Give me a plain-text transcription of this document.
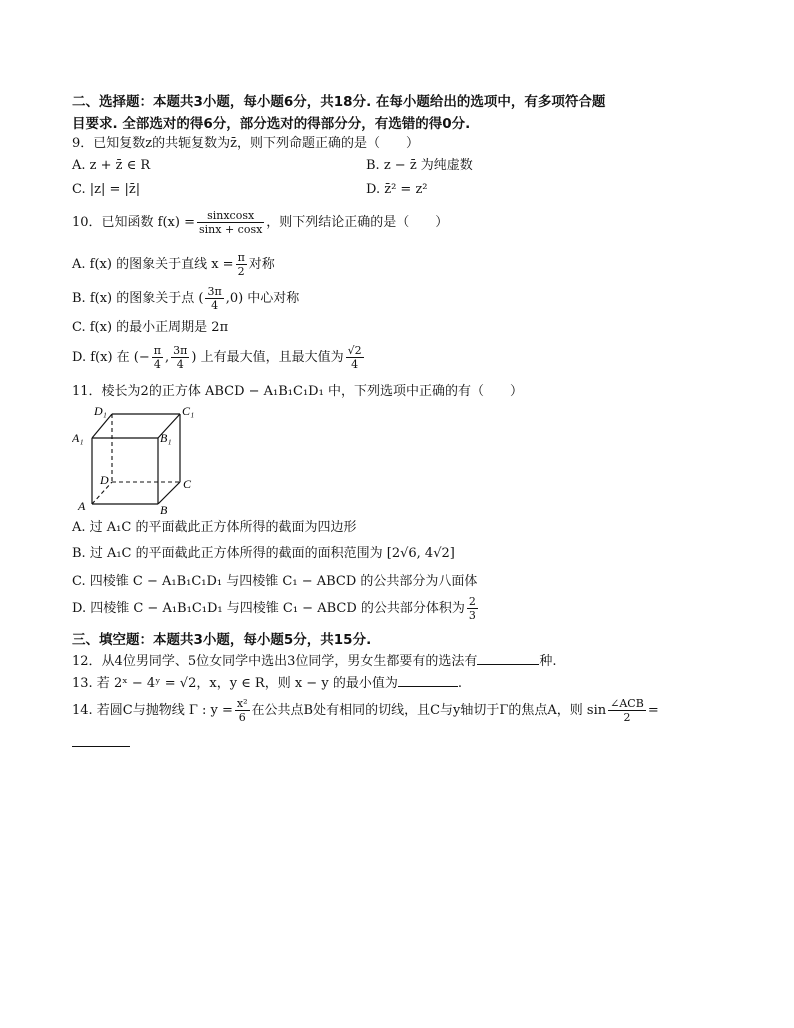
二、选择题：本题共3小题，每小题6分，共18分. 在每小题给出的选项中，有多项符合题
目要求. 全部选对的得6分，部分选对的得部分分，有选错的得0分.
9．已知复数z的共轭复数为z̄，则下列命题正确的是（　　）
A. z + z̄ ∈ R	B. z − z̄ 为纯虚数
C. |z| = |z̄|	D. z̄² = z²
10．已知函数 $f(x) = \frac{\text{sinxcosx}}{\sin x + \cos x}$ ，则下列结论正确的是（　　）
A. f(x) 的图象关于直线 $x = \frac{\pi}{2}$ 对称
B. f(x) 的图象关于点 ( $\frac{3\pi}{4} ,0$) 中心对称
C. f(x) 的最小正周期是 2π
D. f(x) 在 (− $\frac{\pi}{4}$ , $\frac{3\pi}{4}$ ) 上有最大值，且最大值为 $\frac{√2}{4}$
11．棱长为2的正方体 ABCD − A₁B₁C₁D₁ 中，下列选项中正确的有（　　）
D₁	C₁
A₁	B₁
D	C
A	B
A. 过 A₁C 的平面截此正方体所得的截面为四边形
B. 过 A₁C 的平面截此正方体所得的截面的面积范围为 [2√6, 4√2]
C. 四棱锥 C − A₁B₁C₁D₁ 与四棱锥 C₁ − ABCD 的公共部分为八面体
D. 四棱锥 C − A₁B₁C₁D₁ 与四棱锥 C₁ − ABCD 的公共部分体积为 $\frac{2}{3}$
三、填空题：本题共3小题，每小题5分，共15分.
12．从4位男同学、5位女同学中选出3位同学，男女生都要有的选法有	种.
13. 若 2ˣ − 4ʸ = √2，x，y ∈ R，则 x − y 的最小值为	.
14. 若圆C与抛物线 Γ : $y = \frac{\text{x²}}{6}$ 在公共点B处有相同的切线，且C与y轴切于Γ的焦点A，则 $\sin \frac{\text{∠ACB}}{2}$ =
